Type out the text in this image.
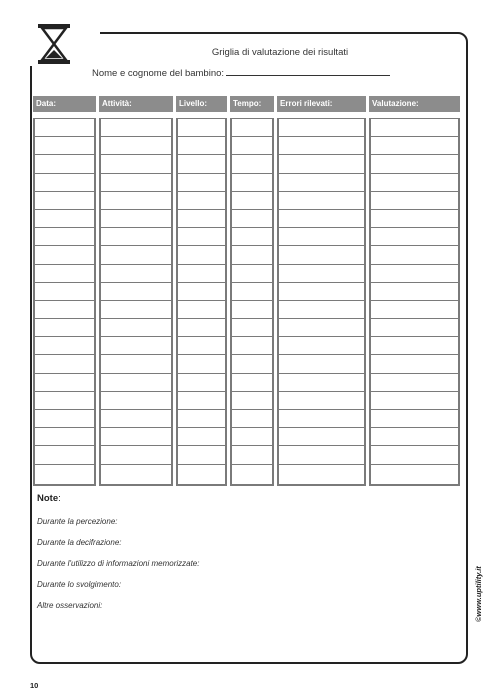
Griglia di valutazione dei risultati
Nome e cognome del bambino:
Data:	Attività:	Livello:	Tempo:	Errori rilevati:	Valutazione:
Note:
Durante la percezione:
Durante la decifrazione:
Durante l'utilizzo di informazioni memorizzate:
Durante lo svolgimento:
Altre osservazioni:	©www.uptility.it
10
